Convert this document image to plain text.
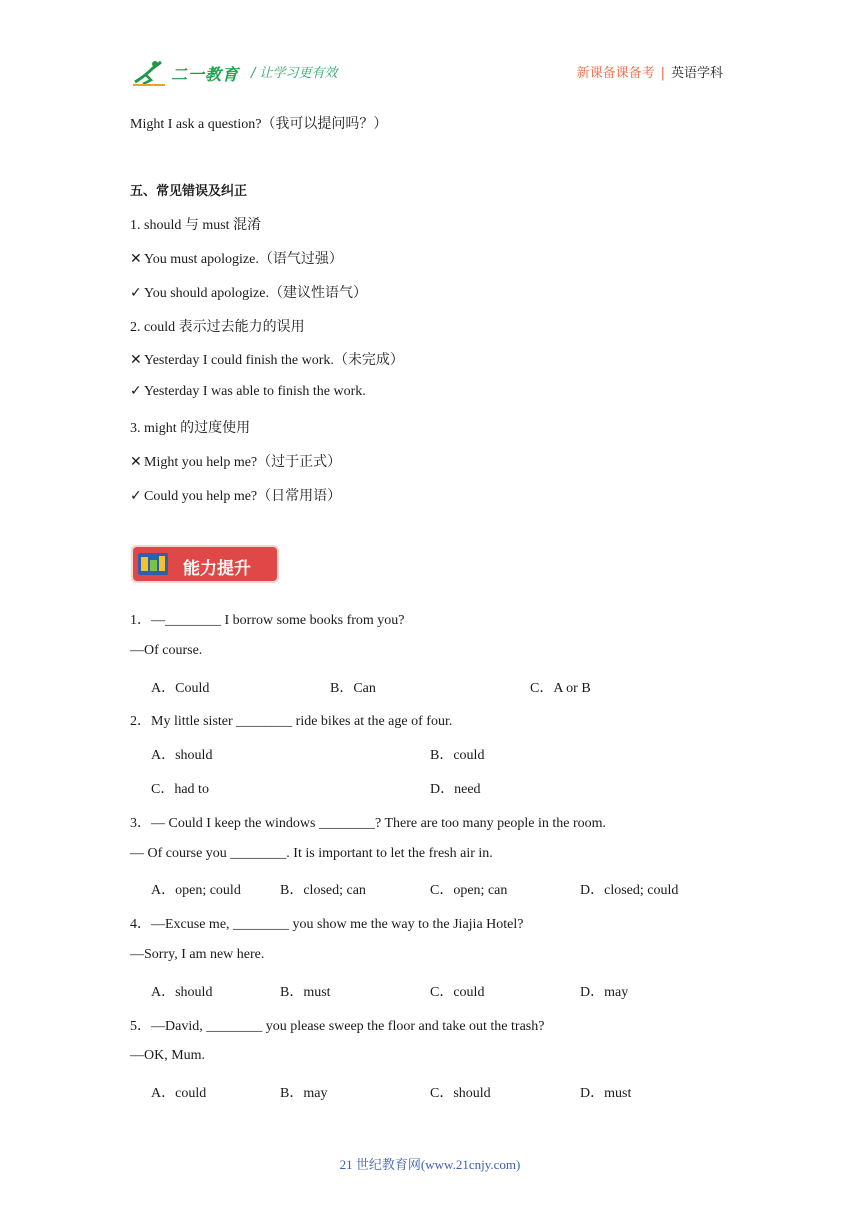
二一教育 / 让学习更有效	新课备课备考 | 英语学科
Might I ask a question?（我可以提问吗？）
五、常见错误及纠正
1. should 与 must 混淆
✕ You must apologize.（语气过强）
✓ You should apologize.（建议性语气）
2. could 表示过去能力的误用
✕ Yesterday I could finish the work.（未完成）
✓ Yesterday I was able to finish the work.
3. might 的过度使用
✕ Might you help me?（过于正式）
✓ Could you help me?（日常用语）
能力提升
1．—________ I borrow some books from you?
—Of course.
A．Could	B．Can	C．A or B
2．My little sister ________ ride bikes at the age of four.
A．should	B．could
C．had to	D．need
3．— Could I keep the windows ________? There are too many people in the room.
— Of course you ________. It is important to let the fresh air in.
A．open; could	B．closed; can	C．open; can	D．closed; could
4．—Excuse me, ________ you show me the way to the Jiajia Hotel?
—Sorry, I am new here.
A．should	B．must	C．could	D．may
5．—David, ________ you please sweep the floor and take out the trash?
—OK, Mum.
A．could	B．may	C．should	D．must
21 世纪教育网(www.21cnjy.com)
